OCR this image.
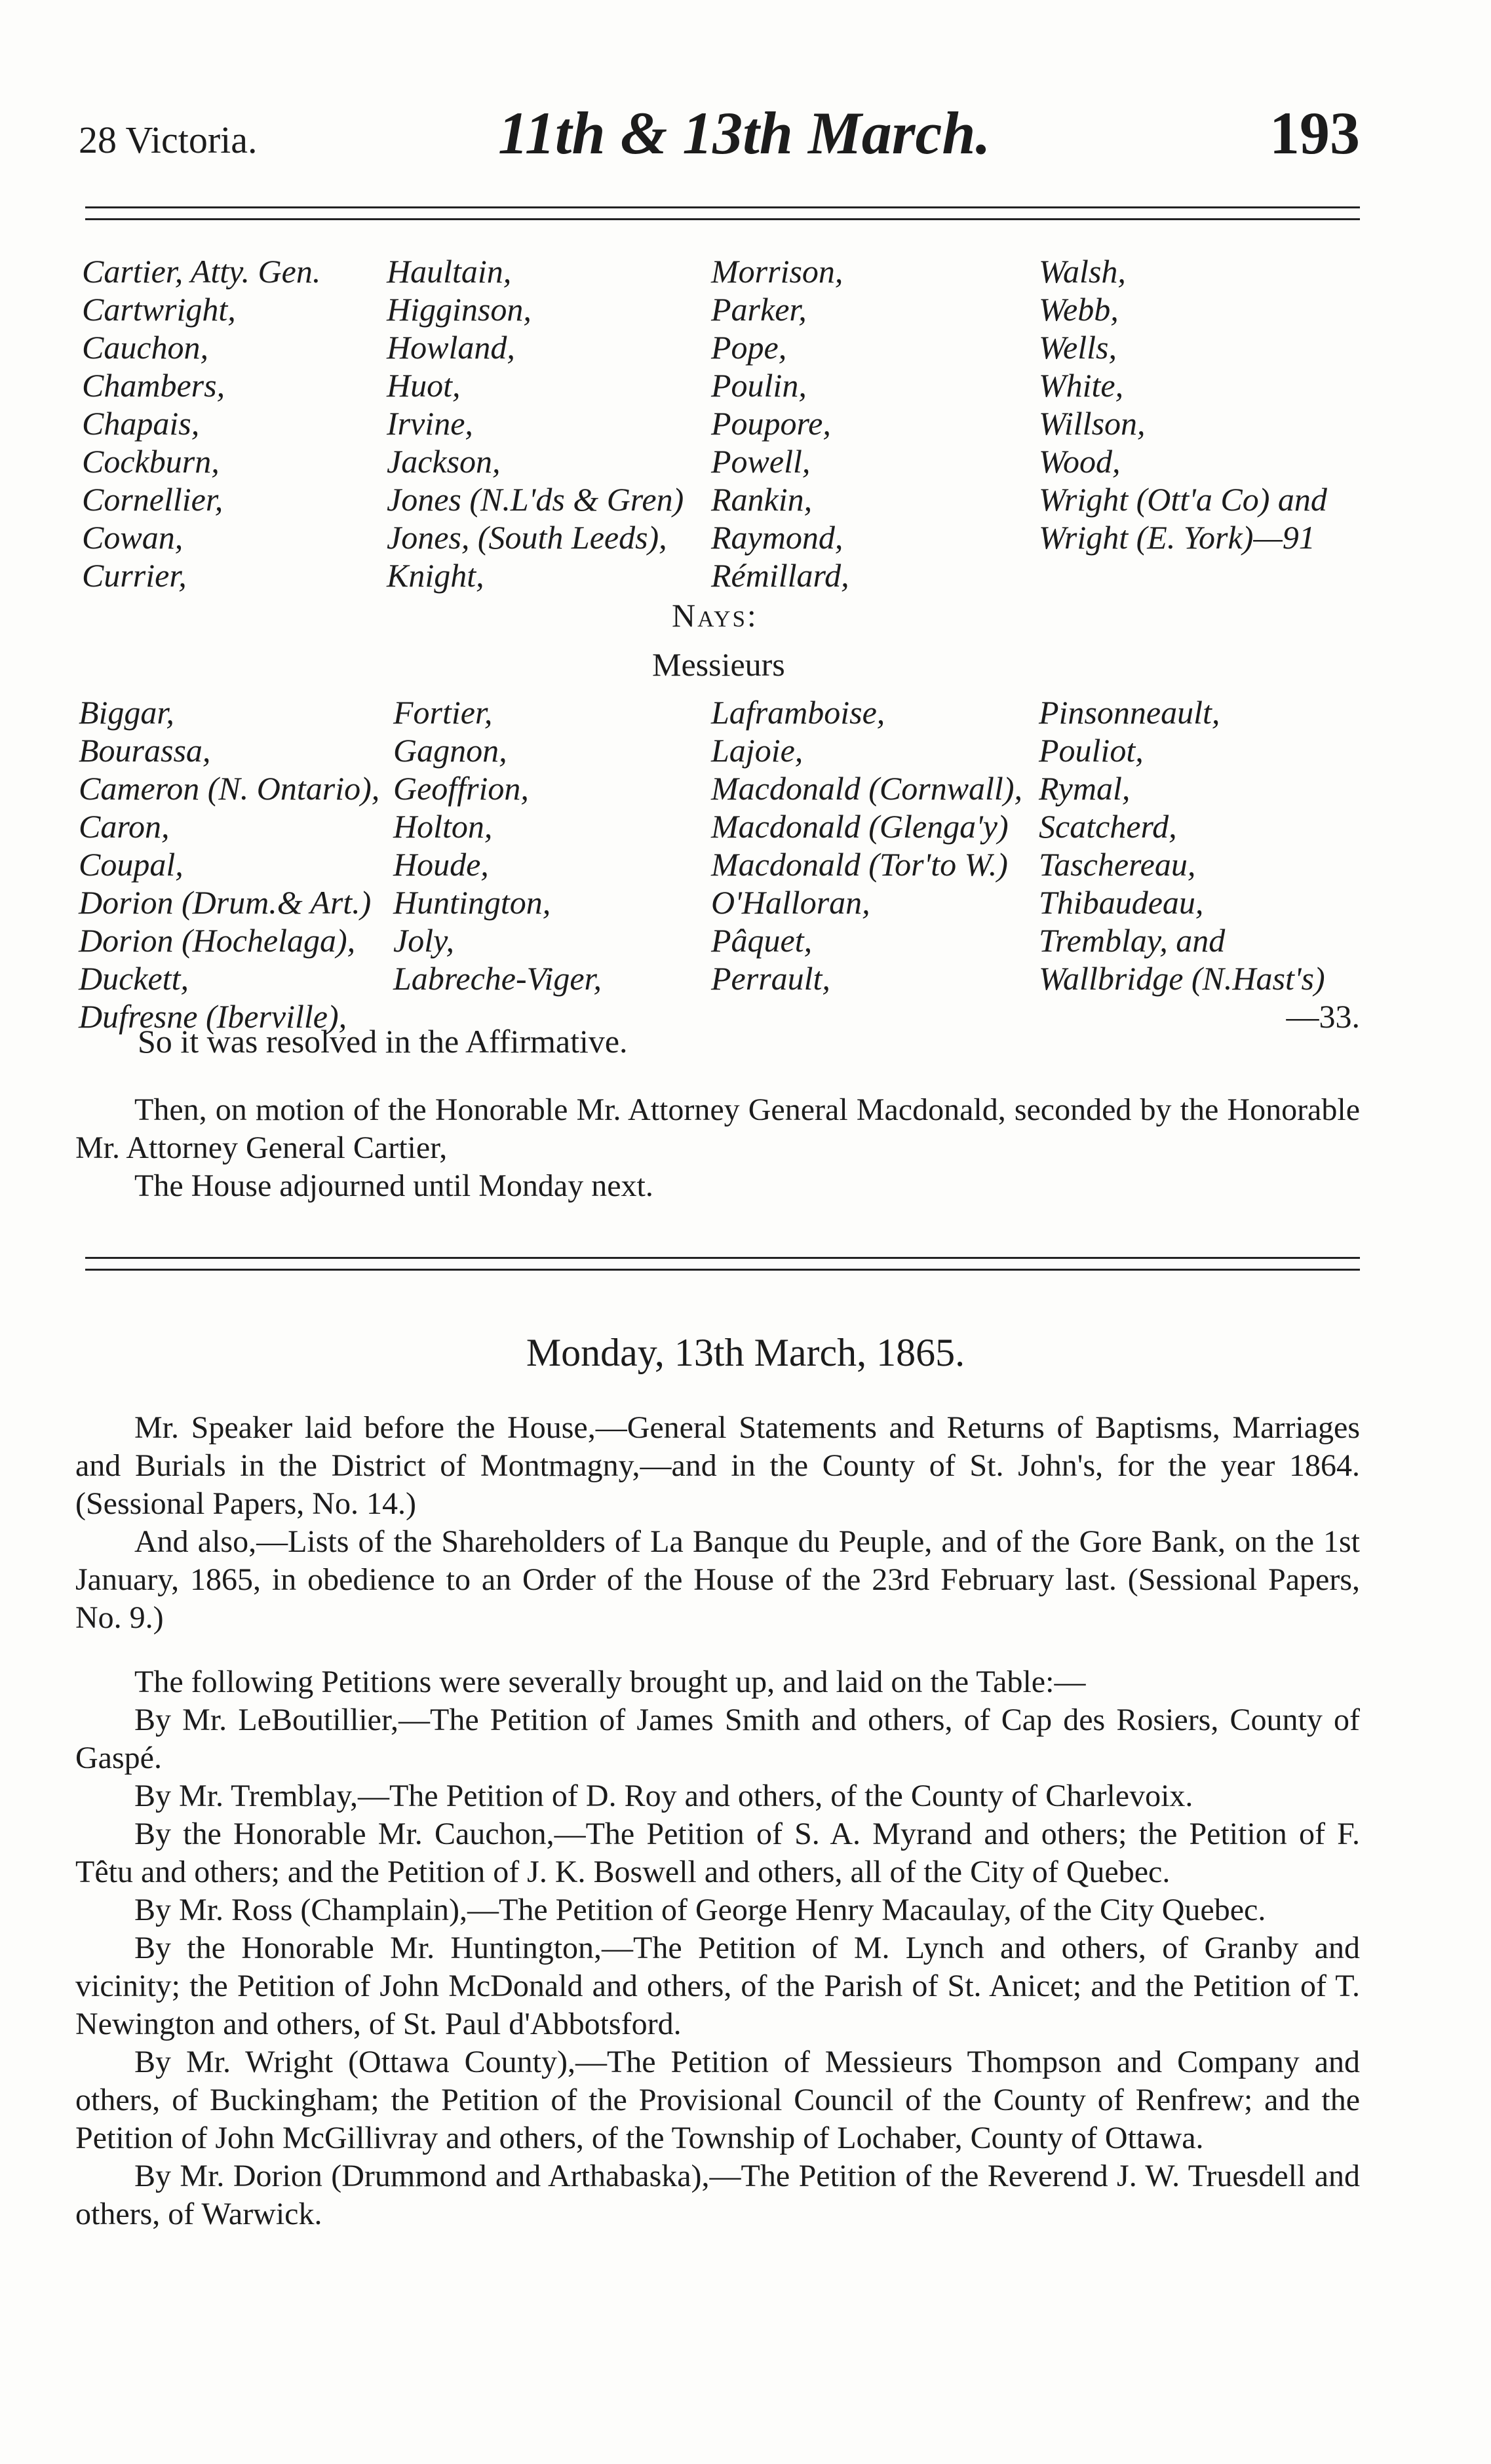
28 Victoria.	11th & 13th March.	193
Cartier, Atty. Gen.
Cartwright,
Cauchon,
Chambers,
Chapais,
Cockburn,
Cornellier,
Cowan,
Currier,
Haultain,
Higginson,
Howland,
Huot,
Irvine,
Jackson,
Jones (N.L'ds & Gren)
Jones, (South Leeds),
Knight,
Morrison,
Parker,
Pope,
Poulin,
Poupore,
Powell,
Rankin,
Raymond,
Rémillard,
Walsh,
Webb,
Wells,
White,
Willson,
Wood,
Wright (Ott'a Co) and
Wright (E. York)—91
Nays:
Messieurs
Biggar,
Bourassa,
Cameron (N. Ontario),
Caron,
Coupal,
Dorion (Drum.& Art.)
Dorion (Hochelaga),
Duckett,
Dufresne (Iberville),
Fortier,
Gagnon,
Geoffrion,
Holton,
Houde,
Huntington,
Joly,
Labreche-Viger,
Laframboise,
Lajoie,
Macdonald (Cornwall),
Macdonald (Glengа'y)
Macdonald (Tor'to W.)
O'Halloran,
Pâquet,
Perrault,
Pinsonneault,
Pouliot,
Rymal,
Scatcherd,
Taschereau,
Thibaudeau,
Tremblay, and
Wallbridge (N.Hast's)
—33.
So it was resolved in the Affirmative.

Then, on motion of the Honorable Mr. Attorney General Macdonald, seconded by the Honorable Mr. Attorney General Cartier,

The House adjourned until Monday next.

Monday, 13th March, 1865.

Mr. Speaker laid before the House,—General Statements and Returns of Baptisms, Marriages and Burials in the District of Montmagny,—and in the County of St. John's, for the year 1864. (Sessional Papers, No. 14.)

And also,—Lists of the Shareholders of La Banque du Peuple, and of the Gore Bank, on the 1st January, 1865, in obedience to an Order of the House of the 23rd February last. (Sessional Papers, No. 9.)

The following Petitions were severally brought up, and laid on the Table:—

By Mr. LeBoutillier,—The Petition of James Smith and others, of Cap des Rosiers, County of Gaspé.

By Mr. Tremblay,—The Petition of D. Roy and others, of the County of Charlevoix.

By the Honorable Mr. Cauchon,—The Petition of S. A. Myrand and others; the Petition of F. Têtu and others; and the Petition of J. K. Boswell and others, all of the City of Quebec.

By Mr. Ross (Champlain),—The Petition of George Henry Macaulay, of the City Quebec.

By the Honorable Mr. Huntington,—The Petition of M. Lynch and others, of Granby and vicinity; the Petition of John McDonald and others, of the Parish of St. Anicet; and the Petition of T. Newington and others, of St. Paul d'Abbotsford.

By Mr. Wright (Ottawa County),—The Petition of Messieurs Thompson and Company and others, of Buckingham; the Petition of the Provisional Council of the County of Renfrew; and the Petition of John McGillivray and others, of the Township of Lochaber, County of Ottawa.

By Mr. Dorion (Drummond and Arthabaska),—The Petition of the Reverend J. W. Truesdell and others, of Warwick.
